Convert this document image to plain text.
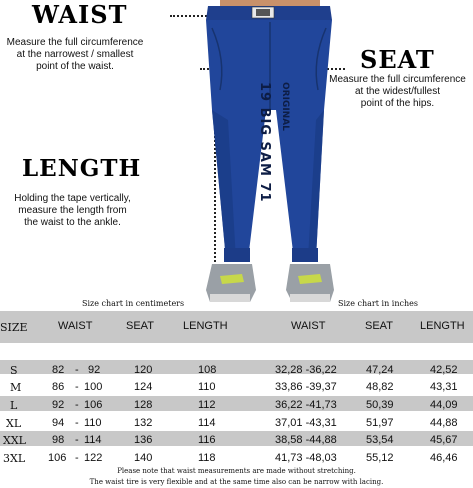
WAIST
Measure the full circumference
at the narrowest / smallest
point of the waist.	SEAT
Measure the full circumference
at the widest/fullest
point of the hips.
LENGTH
Holding the tape vertically,
measure the length from
the waist to the ankle.
19 BIG SAM 71 ORIGINAL
Size chart in centimeters	Size chart in inches
SIZE	WAIST	SEAT	LENGTH	WAIST	SEAT LENGTH
S	82 - 92	120	108	32,28 -36,22	47,24	42,52
M	86 - 100	124	110	33,86 -39,37	48,82	43,31
L	92 - 106	128	112	36,22 -41,73	50,39	44,09
XL	94 - 110	132	114	37,01 -43,31	51,97	44,88
XXL 98 - 114	136	116	38,58 -44,88	53,54	45,67
3XL 106 - 122	140	118	41,73 -48,03	55,12	46,46
Please note that waist measurements are made without stretching.
The waist tire is very flexible and at the same time also can be narrow with lacing.
